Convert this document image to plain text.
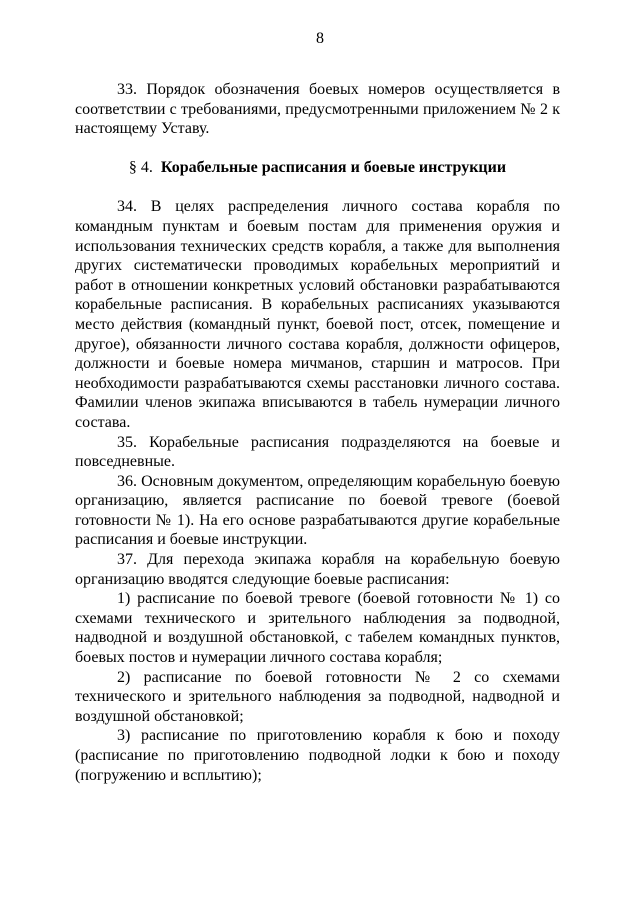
8

33. Порядок обозначения боевых номеров осуществляется в соответствии с требованиями, предусмотренными приложением № 2 к настоящему Уставу.

§ 4. Корабельные расписания и боевые инструкции

34. В целях распределения личного состава корабля по командным пунктам и боевым постам для применения оружия и использования технических средств корабля, а также для выполнения других систематически проводимых корабельных мероприятий и работ в отношении конкретных условий обстановки разрабатываются корабельные расписания. В корабельных расписаниях указываются место действия (командный пункт, боевой пост, отсек, помещение и другое), обязанности личного состава корабля, должности офицеров, должности и боевые номера мичманов, старшин и матросов. При необходимости разрабатываются схемы расстановки личного состава. Фамилии членов экипажа вписываются в табель нумерации личного состава.

35. Корабельные расписания подразделяются на боевые и повседневные.

36. Основным документом, определяющим корабельную боевую организацию, является расписание по боевой тревоге (боевой готовности № 1). На его основе разрабатываются другие корабельные расписания и боевые инструкции.

37. Для перехода экипажа корабля на корабельную боевую организацию вводятся следующие боевые расписания:

1) расписание по боевой тревоге (боевой готовности № 1) со схемами технического и зрительного наблюдения за подводной, надводной и воздушной обстановкой, с табелем командных пунктов, боевых постов и нумерации личного состава корабля;

2) расписание по боевой готовности № 2 со схемами технического и зрительного наблюдения за подводной, надводной и воздушной обстановкой;

3) расписание по приготовлению корабля к бою и походу (расписание по приготовлению подводной лодки к бою и походу (погружению и всплытию);
